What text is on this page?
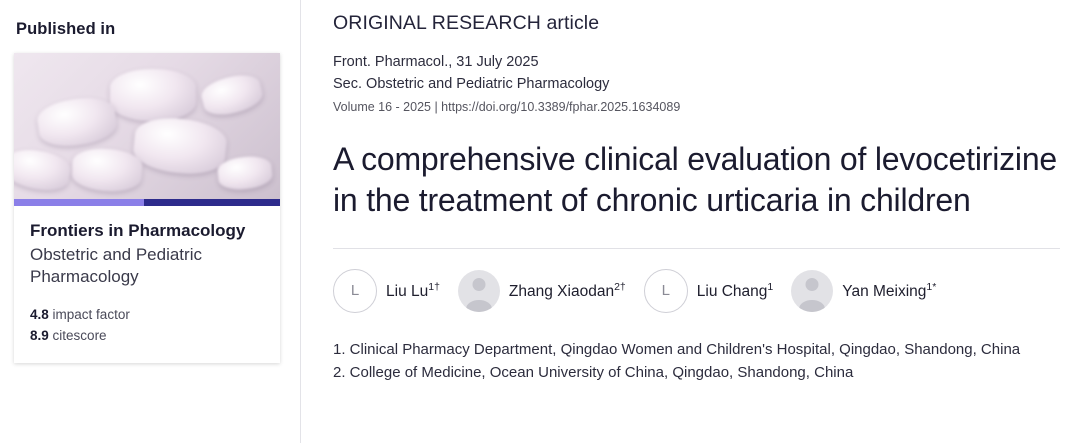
Published in
Frontiers in Pharmacology
Obstetric and Pediatric Pharmacology
4.8 impact factor
8.9 citescore
ORIGINAL RESEARCH article
Front. Pharmacol., 31 July 2025
Sec. Obstetric and Pediatric Pharmacology
Volume 16 - 2025 | https://doi.org/10.3389/fphar.2025.1634089
A comprehensive clinical evaluation of levocetirizine in the treatment of chronic urticaria in children
L	Liu $Lu^{1\dagger}$	Zhang Xiaodan$^{2\dagger}$	L	Liu Chang$^1$	Yan Meixing$^{1*}$
1. Clinical Pharmacy Department, Qingdao Women and Children's Hospital, Qingdao, Shandong, China
2. College of Medicine, Ocean University of China, Qingdao, Shandong, China
